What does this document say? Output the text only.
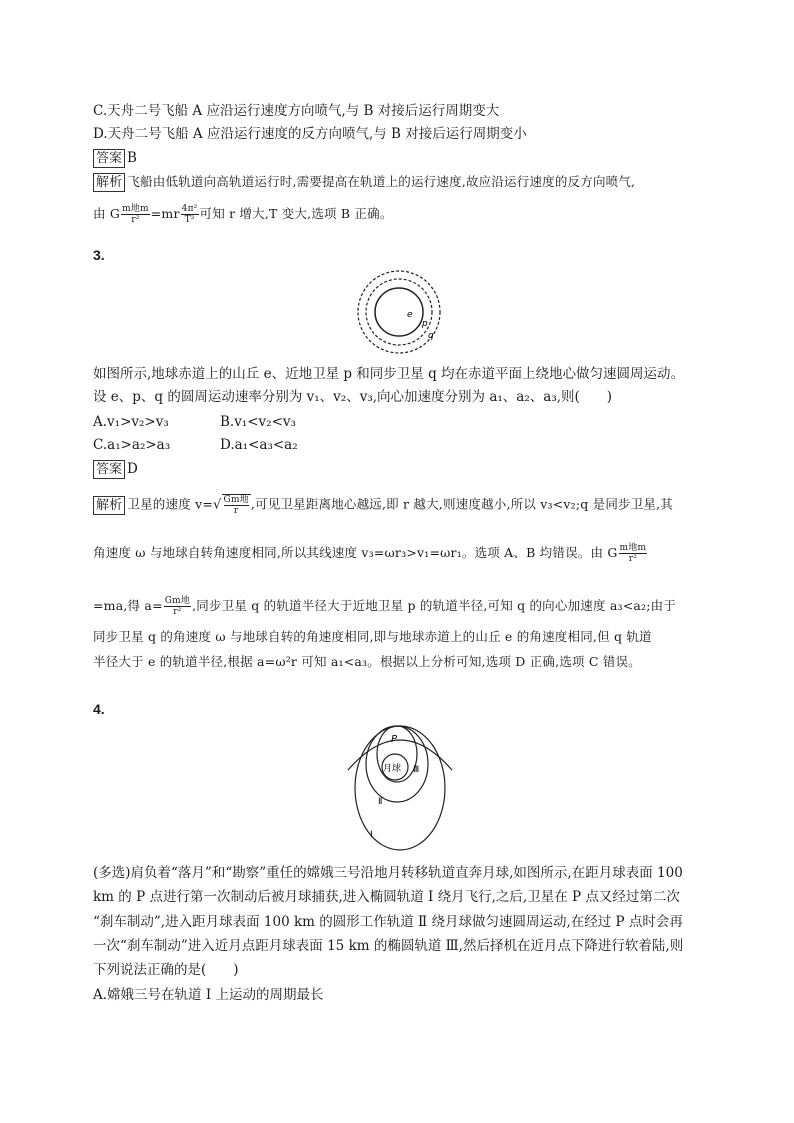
C.天舟二号飞船 A 应沿运行速度方向喷气,与 B 对接后运行周期变大
D.天舟二号飞船 A 应沿运行速度的反方向喷气,与 B 对接后运行周期变小
答案 B
解析 飞船由低轨道向高轨道运行时,需要提高在轨道上的运行速度,故应沿运行速度的反方向喷气,
由 G $\frac{\text{m地m}}{\text{r²}} =mr \frac{\text{4π²}}{\text{T²}}$ 可知 r 增大,T 变大,选项 B 正确。
3.
e
p
q
如图所示,地球赤道上的山丘 e、近地卫星 p 和同步卫星 q 均在赤道平面上绕地心做匀速圆周运动。
设 e、p、q 的圆周运动速率分别为 v₁、v₂、v₃,向心加速度分别为 a₁、a₂、a₃,则(　　)
A.v₁>v₂>v₃	B.v₁<v₂<v₃
C.a₁>a₂>a₃	D.a₁<a₃<a₂
答案 D
解析 卫星的速度 v=√ Gm地
r ,可见卫星距离地心越远,即 r 越大,则速度越小,所以 v₃<v₂;q 是同步卫星,其
角速度 ω 与地球自转角速度相同,所以其线速度 v₃=ωr₃>v₁=ωr₁。选项 A、B 均错误。由 G $\frac{\text{m地m}}{\text{r²}}$
=ma,得 $a= \frac{\text{Gm地}}{\text{r²}}$ ,同步卫星 q 的轨道半径大于近地卫星 p 的轨道半径,可知 q 的向心加速度 a₃<a₂;由于
同步卫星 q 的角速度 ω 与地球自转的角速度相同,即与地球赤道上的山丘 e 的角速度相同,但 q 轨道
半径大于 e 的轨道半径,根据 a=ω²r 可知 a₁<a₃。根据以上分析可知,选项 D 正确,选项 C 错误。
4.
P
月球 Ⅲ
Ⅱ
Ⅰ
(多选)肩负着“落月”和“勘察”重任的嫦娥三号沿地月转移轨道直奔月球,如图所示,在距月球表面 100
km 的 P 点进行第一次制动后被月球捕获,进入椭圆轨道 Ⅰ 绕月飞行,之后,卫星在 P 点又经过第二次
“刹车制动”,进入距月球表面 100 km 的圆形工作轨道 Ⅱ 绕月球做匀速圆周运动,在经过 P 点时会再
一次“刹车制动”进入近月点距月球表面 15 km 的椭圆轨道 Ⅲ,然后择机在近月点下降进行软着陆,则
下列说法正确的是(　　)
A.嫦娥三号在轨道 Ⅰ 上运动的周期最长
